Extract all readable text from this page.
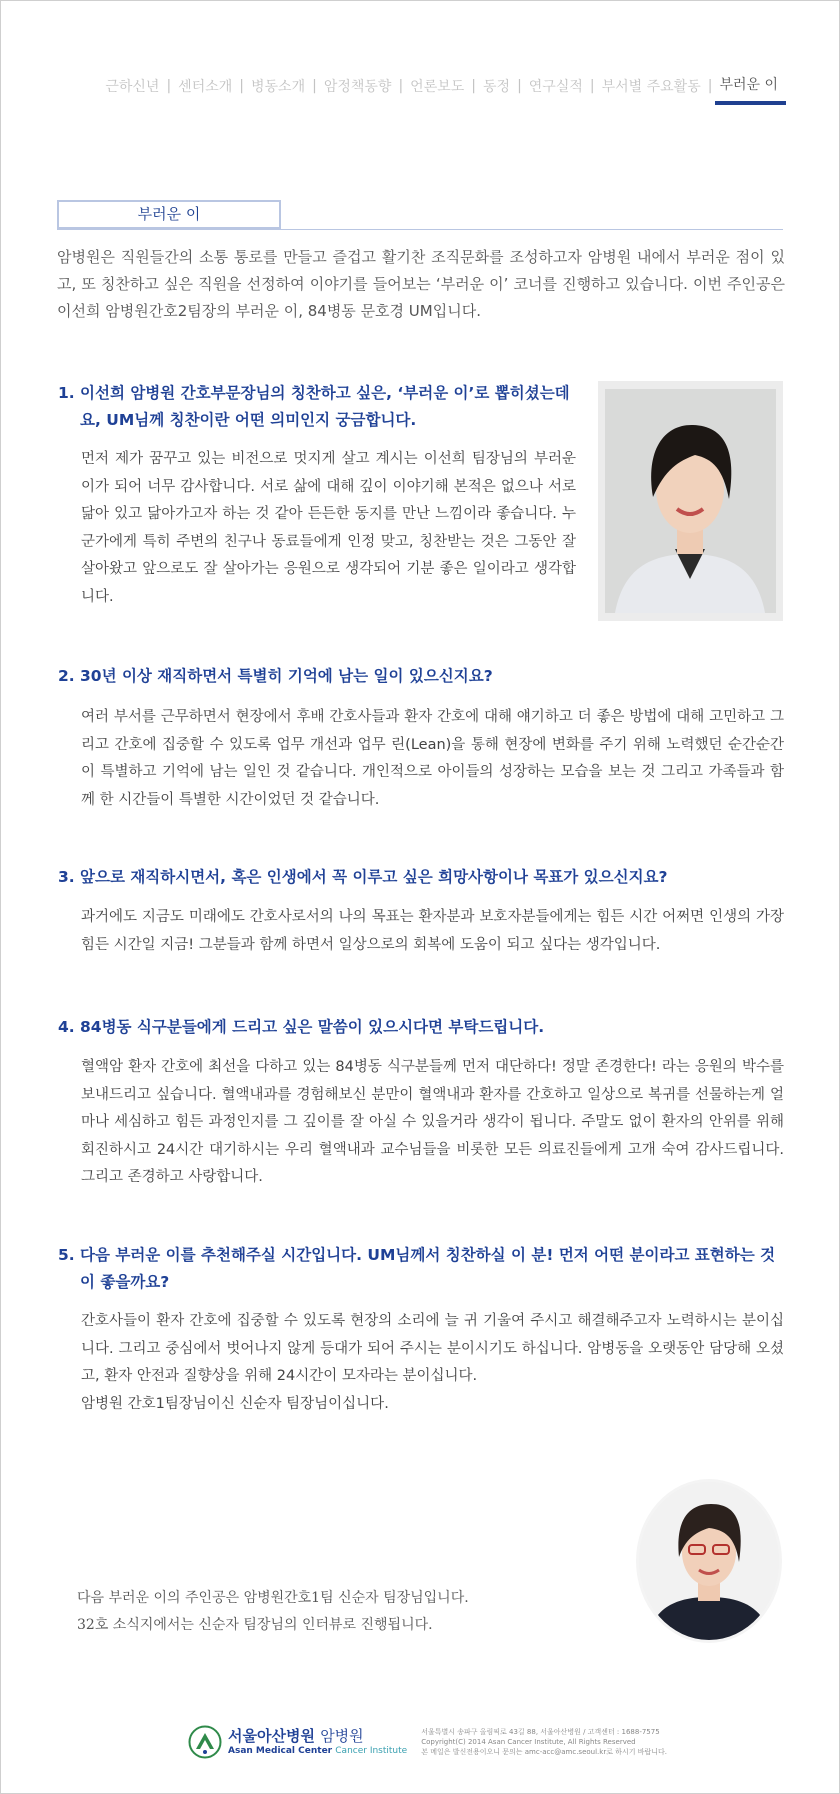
근하신년 | 센터소개 | 병동소개 | 암정책동향 | 언론보도 | 동정 | 연구실적 | 부서별 주요활동 | 부러운 이
부러운 이
암병원은 직원들간의 소통 통로를 만들고 즐겁고 활기찬 조직문화를 조성하고자 암병원 내에서 부러운 점이 있고, 또 칭찬하고 싶은 직원을 선정하여 이야기를 들어보는 ‘부러운 이’ 코너를 진행하고 있습니다. 이번 주인공은 이선희 암병원간호2팀장의 부러운 이, 84병동 문호경 UM입니다.
1. 이선희 암병원 간호부문장님의 칭찬하고 싶은, ‘부러운 이’로 뽑히셨는데요, UM님께 칭찬이란 어떤 의미인지 궁금합니다.
먼저 제가 꿈꾸고 있는 비전으로 멋지게 살고 계시는 이선희 팀장님의 부러운 이가 되어 너무 감사합니다. 서로 삶에 대해 깊이 이야기해 본적은 없으나 서로 닮아 있고 닮아가고자 하는 것 같아 든든한 동지를 만난 느낌이라 좋습니다. 누군가에게 특히 주변의 친구나 동료들에게 인정 맞고, 칭찬받는 것은 그동안 잘 살아왔고 앞으로도 잘 살아가는 응원으로 생각되어 기분 좋은 일이라고 생각합니다.
2. 30년 이상 재직하면서 특별히 기억에 남는 일이 있으신지요?
여러 부서를 근무하면서 현장에서 후배 간호사들과 환자 간호에 대해 얘기하고 더 좋은 방법에 대해 고민하고 그리고 간호에 집중할 수 있도록 업무 개선과 업무 린(Lean)을 통해 현장에 변화를 주기 위해 노력했던 순간순간이 특별하고 기억에 남는 일인 것 같습니다. 개인적으로 아이들의 성장하는 모습을 보는 것 그리고 가족들과 함께 한 시간들이 특별한 시간이었던 것 같습니다.
3. 앞으로 재직하시면서, 혹은 인생에서 꼭 이루고 싶은 희망사항이나 목표가 있으신지요?
과거에도 지금도 미래에도 간호사로서의 나의 목표는 환자분과 보호자분들에게는 힘든 시간 어쩌면 인생의 가장 힘든 시간일 지금! 그분들과 함께 하면서 일상으로의 회복에 도움이 되고 싶다는 생각입니다.
4. 84병동 식구분들에게 드리고 싶은 말씀이 있으시다면 부탁드립니다.
혈액암 환자 간호에 최선을 다하고 있는 84병동 식구분들께 먼저 대단하다! 정말 존경한다! 라는 응원의 박수를 보내드리고 싶습니다. 혈액내과를 경험해보신 분만이 혈액내과 환자를 간호하고 일상으로 복귀를 선물하는게 얼마나 세심하고 힘든 과정인지를 그 깊이를 잘 아실 수 있을거라 생각이 됩니다. 주말도 없이 환자의 안위를 위해 회진하시고 24시간 대기하시는 우리 혈액내과 교수님들을 비롯한 모든 의료진들에게 고개 숙여 감사드립니다. 그리고 존경하고 사랑합니다.
5. 다음 부러운 이를 추천해주실 시간입니다. UM님께서 칭찬하실 이 분! 먼저 어떤 분이라고 표현하는 것이 좋을까요?
간호사들이 환자 간호에 집중할 수 있도록 현장의 소리에 늘 귀 기울여 주시고 해결해주고자 노력하시는 분이십니다. 그리고 중심에서 벗어나지 않게 등대가 되어 주시는 분이시기도 하십니다. 암병동을 오랫동안 담당해 오셨고, 환자 안전과 질향상을 위해 24시간이 모자라는 분이십니다.
암병원 간호1팀장님이신 신순자 팀장님이십니다.
다음 부러운 이의 주인공은 암병원간호1팀 신순자 팀장님입니다.
32호 소식지에서는 신순자 팀장님의 인터뷰로 진행됩니다.
서울아산병원 암병원
Asan Medical Center Cancer Institute
서울특별시 송파구 올림픽로 43길 88, 서울아산병원 / 고객센터 : 1688-7575
Copyright(C) 2014 Asan Cancer Institute, All Rights Reserved
본 메일은 발신전용이오니 문의는 amc-acc@amc.seoul.kr로 하시기 바랍니다.
